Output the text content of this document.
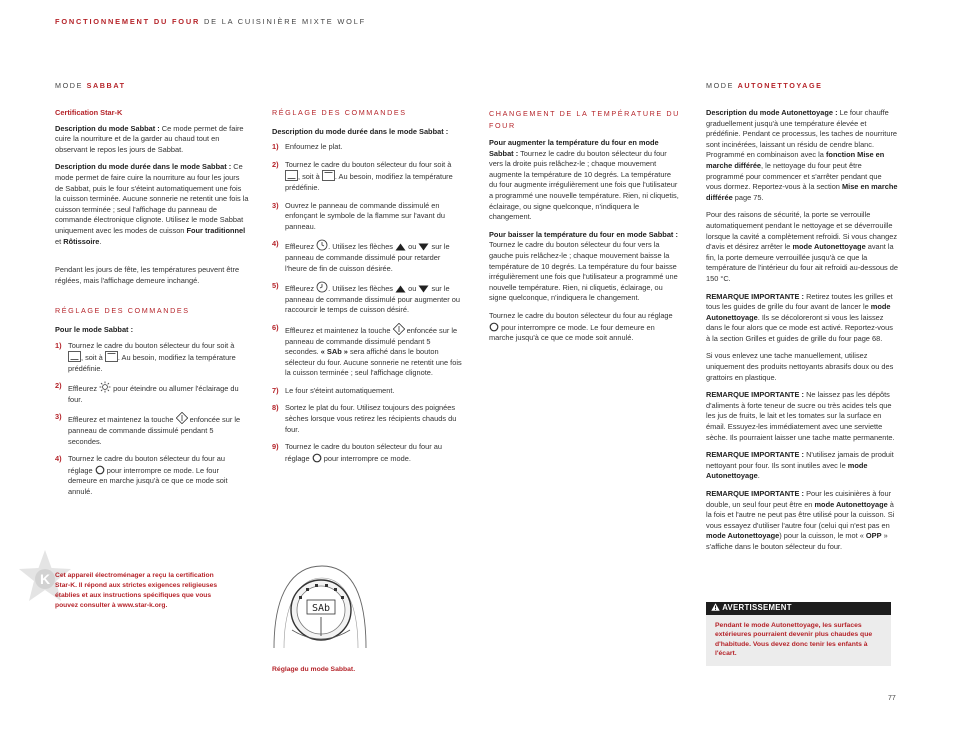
FONCTIONNEMENT DU FOUR DE LA CUISINIÈRE MIXTE WOLF
MODE SABBAT	MODE AUTONETTOYAGE

Certification Star-K

Description du mode Sabbat : Ce mode permet de faire cuire la nourriture et de la garder au chaud tout en observant le repos les jours de Sabbat.

Description du mode durée dans le mode Sabbat : Ce mode permet de faire cuire la nourriture au four les jours de Sabbat, puis le four s'éteint automatiquement une fois la cuisson terminée. Aucune sonnerie ne retentit une fois la cuisson terminée ; seul l'affichage du panneau de commande électronique clignote. Utilisez le mode Sabbat uniquement avec les modes de cuisson Four traditionnel et Rôtissoire.

Pendant les jours de fête, les températures peuvent être réglées, mais l'affichage demeure inchangé.

RÉGLAGE DES COMMANDES

Pour le mode Sabbat :

1) Tournez le cadre du bouton sélecteur du four soit à , soit à . Au besoin, modifiez la température prédéfinie.
2) Effleurez pour éteindre ou allumer l'éclairage du four.
3) Effleurez et maintenez la touche enfoncée sur le panneau de commande dissimulé pendant 5 secondes.
4) Tournez le cadre du bouton sélecteur du four au réglage pour interrompre ce mode. Le four demeure en marche jusqu'à ce que ce mode soit annulé.
K Cet appareil électroménager a reçu la certification Star-K. Il répond aux strictes exigences religieuses établies et aux instructions spécifiques que vous pouvez consulter à www.star-k.org.
RÉGLAGE DES COMMANDES

Description du mode durée dans le mode Sabbat :

1) Enfournez le plat.
2) Tournez le cadre du bouton sélecteur du four soit à , soit à . Au besoin, modifiez la température prédéfinie.
3) Ouvrez le panneau de commande dissimulé en enfonçant le symbole de la flamme sur l'avant du panneau.
4) Effleurez . Utilisez les flèches ou sur le panneau de commande dissimulé pour retarder l'heure de fin de cuisson désirée.
5) Effleurez . Utilisez les flèches ou sur le panneau de commande dissimulé pour augmenter ou raccourcir le temps de cuisson désiré.
6) Effleurez et maintenez la touche enfoncée sur le panneau de commande dissimulé pendant 5 secondes. « SAb » sera affiché dans le bouton sélecteur du four. Aucune sonnerie ne retentit une fois la cuisson terminée ; seul l'affichage clignote.
7) Le four s'éteint automatiquement.
8) Sortez le plat du four. Utilisez toujours des poignées sèches lorsque vous retirez les récipients chauds du four.
9) Tournez le cadre du bouton sélecteur du four au réglage pour interrompre ce mode.
SAb
Réglage du mode Sabbat.
CHANGEMENT DE LA TEMPÉRATURE DU FOUR

Pour augmenter la température du four en mode Sabbat : Tournez le cadre du bouton sélecteur du four vers la droite puis relâchez-le ; chaque mouvement augmente la température de 10 degrés. La température du four augmente irrégulièrement une fois que l'utilisateur a programmé une nouvelle température. Rien, ni cliquetis, éclairage, ou signe quelconque, n'indiquera le changement.

Pour baisser la température du four en mode Sabbat : Tournez le cadre du bouton sélecteur du four vers la gauche puis relâchez-le ; chaque mouvement baisse la température de 10 degrés. La température du four baisse irrégulièrement une fois que l'utilisateur a programmé une nouvelle température. Rien, ni cliquetis, éclairage, ou signe quelconque, n'indiquera le changement.

Tournez le cadre du bouton sélecteur du four au réglage  pour interrompre ce mode. Le four demeure en marche jusqu'à ce que ce mode soit annulé.

Description du mode Autonettoyage : Le four chauffe graduellement jusqu'à une température élevée et prédéfinie. Pendant ce processus, les taches de nourriture sont incinérées, laissant un résidu de cendre blanc. Programmé en combinaison avec la fonction Mise en marche différée, le nettoyage du four peut être programmé pour commencer et s'arrêter pendant que vous dormez. Reportez-vous à la section Mise en marche différée page 75.

Pour des raisons de sécurité, la porte se verrouille automatiquement pendant le nettoyage et se déverrouille lorsque la cavité a complètement refroidi. Si vous changez d'avis et désirez arrêter le mode Autonettoyage avant la fin, la porte demeure verrouillée jusqu'à ce que la température de l'intérieur du four ait refroidi au-dessous de 150 °C.

REMARQUE IMPORTANTE : Retirez toutes les grilles et tous les guides de grille du four avant de lancer le mode Autonettoyage. Ils se décoloreront si vous les laissez dans le four alors que ce mode est activé. Reportez-vous à la section Grilles et guides de grille du four page 68.

Si vous enlevez une tache manuellement, utilisez uniquement des produits nettoyants abrasifs doux ou des grattoirs en plastique.

REMARQUE IMPORTANTE : Ne laissez pas les dépôts d'aliments à forte teneur de sucre ou très acides tels que les jus de fruits, le lait et les tomates sur la surface en émail. Essuyez-les immédiatement avec une serviette sèche. Ils pourraient laisser une tache matte permanente.

REMARQUE IMPORTANTE : N'utilisez jamais de produit nettoyant pour four. Ils sont inutiles avec le mode Autonettoyage.

REMARQUE IMPORTANTE : Pour les cuisinières à four double, un seul four peut être en mode Autonettoyage à la fois et l'autre ne peut pas être utilisé pour la cuisson. Si vous essayez d'utiliser l'autre four (celui qui n'est pas en mode Autonettoyage) pour la cuisson, le mot « OPP » s'affiche dans le bouton sélecteur du four.

AVERTISSEMENT
Pendant le mode Autonettoyage, les surfaces extérieures pourraient devenir plus chaudes que d'habitude. Vous devez donc tenir les enfants à l'écart.
77
